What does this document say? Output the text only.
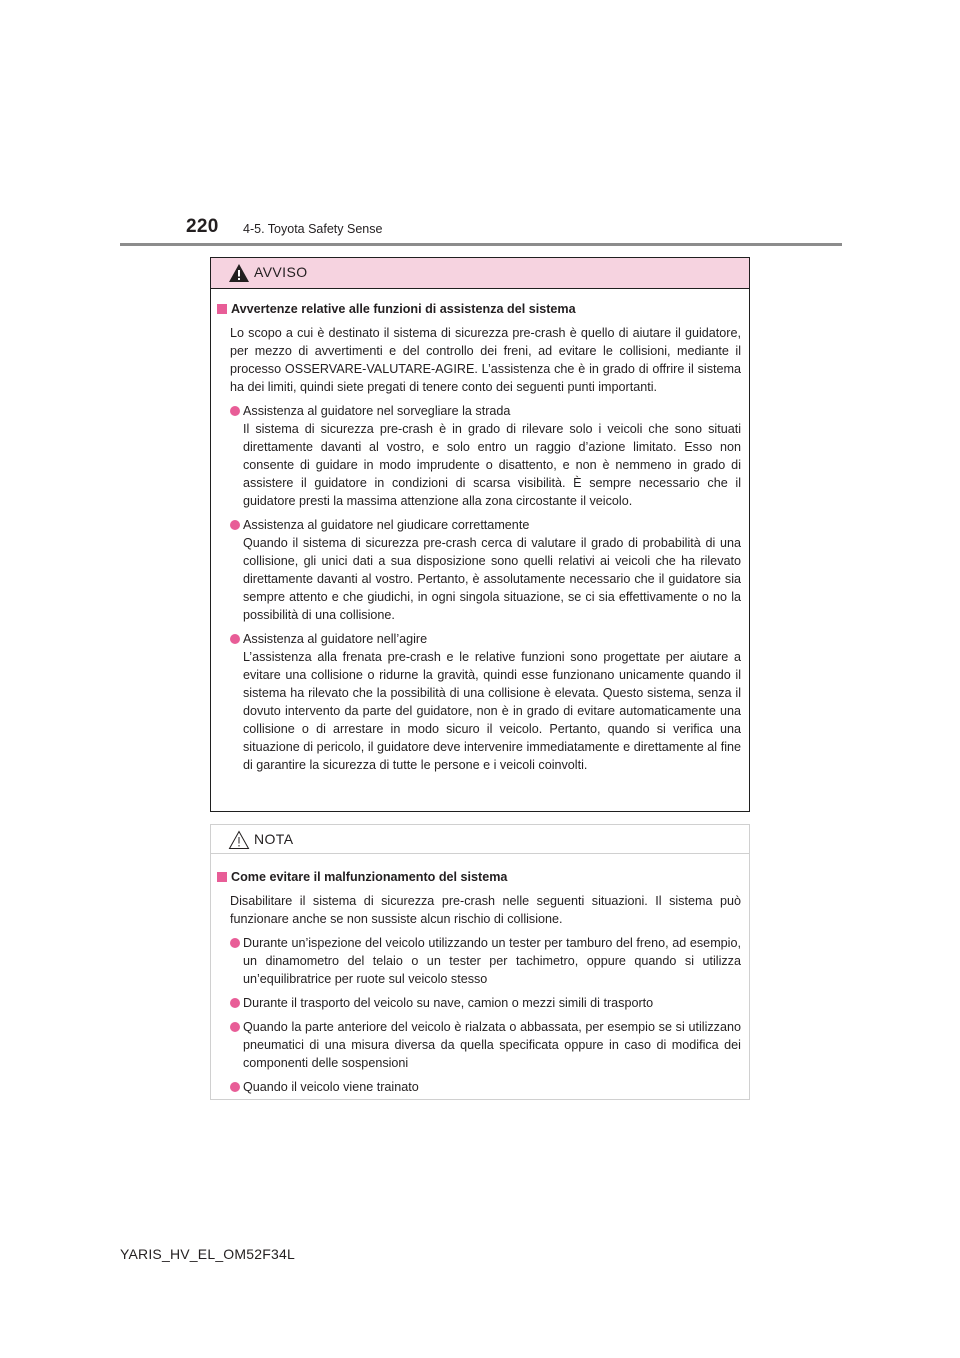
220 4-5. Toyota Safety Sense
AVVISO
Avvertenze relative alle funzioni di assistenza del sistema
Lo scopo a cui è destinato il sistema di sicurezza pre-crash è quello di aiutare il guidatore, per mezzo di avvertimenti e del controllo dei freni, ad evitare le collisioni, mediante il processo OSSERVARE-VALUTARE-AGIRE. L’assistenza che è in grado di offrire il sistema ha dei limiti, quindi siete pregati di tenere conto dei seguenti punti importanti.
Assistenza al guidatore nel sorvegliare la strada
Il sistema di sicurezza pre-crash è in grado di rilevare solo i veicoli che sono situati direttamente davanti al vostro, e solo entro un raggio d’azione limitato. Esso non consente di guidare in modo imprudente o disattento, e non è nemmeno in grado di assistere il guidatore in condizioni di scarsa visibilità. È sempre necessario che il guidatore presti la massima attenzione alla zona circostante il veicolo.
Assistenza al guidatore nel giudicare correttamente
Quando il sistema di sicurezza pre-crash cerca di valutare il grado di probabilità di una collisione, gli unici dati a sua disposizione sono quelli relativi ai veicoli che ha rilevato direttamente davanti al vostro. Pertanto, è assolutamente necessario che il guidatore sia sempre attento e che giudichi, in ogni singola situazione, se ci sia effettivamente o no la possibilità di una collisione.
Assistenza al guidatore nell’agire
L’assistenza alla frenata pre-crash e le relative funzioni sono progettate per aiutare a evitare una collisione o ridurne la gravità, quindi esse funzionano unicamente quando il sistema ha rilevato che la possibilità di una collisione è elevata. Questo sistema, senza il dovuto intervento da parte del guidatore, non è in grado di evitare automaticamente una collisione o di arrestare in modo sicuro il veicolo. Pertanto, quando si verifica una situazione di pericolo, il guidatore deve intervenire immediatamente e direttamente al fine di garantire la sicurezza di tutte le persone e i veicoli coinvolti.
NOTA
Come evitare il malfunzionamento del sistema
Disabilitare il sistema di sicurezza pre-crash nelle seguenti situazioni. Il sistema può funzionare anche se non sussiste alcun rischio di collisione.
Durante un’ispezione del veicolo utilizzando un tester per tamburo del freno, ad esempio, un dinamometro del telaio o un tester per tachimetro, oppure quando si utilizza un’equilibratrice per ruote sul veicolo stesso
Durante il trasporto del veicolo su nave, camion o mezzi simili di trasporto
Quando la parte anteriore del veicolo è rialzata o abbassata, per esempio se si utilizzano pneumatici di una misura diversa da quella specificata oppure in caso di modifica dei componenti delle sospensioni
Quando il veicolo viene trainato
YARIS_HV_EL_OM52F34L
